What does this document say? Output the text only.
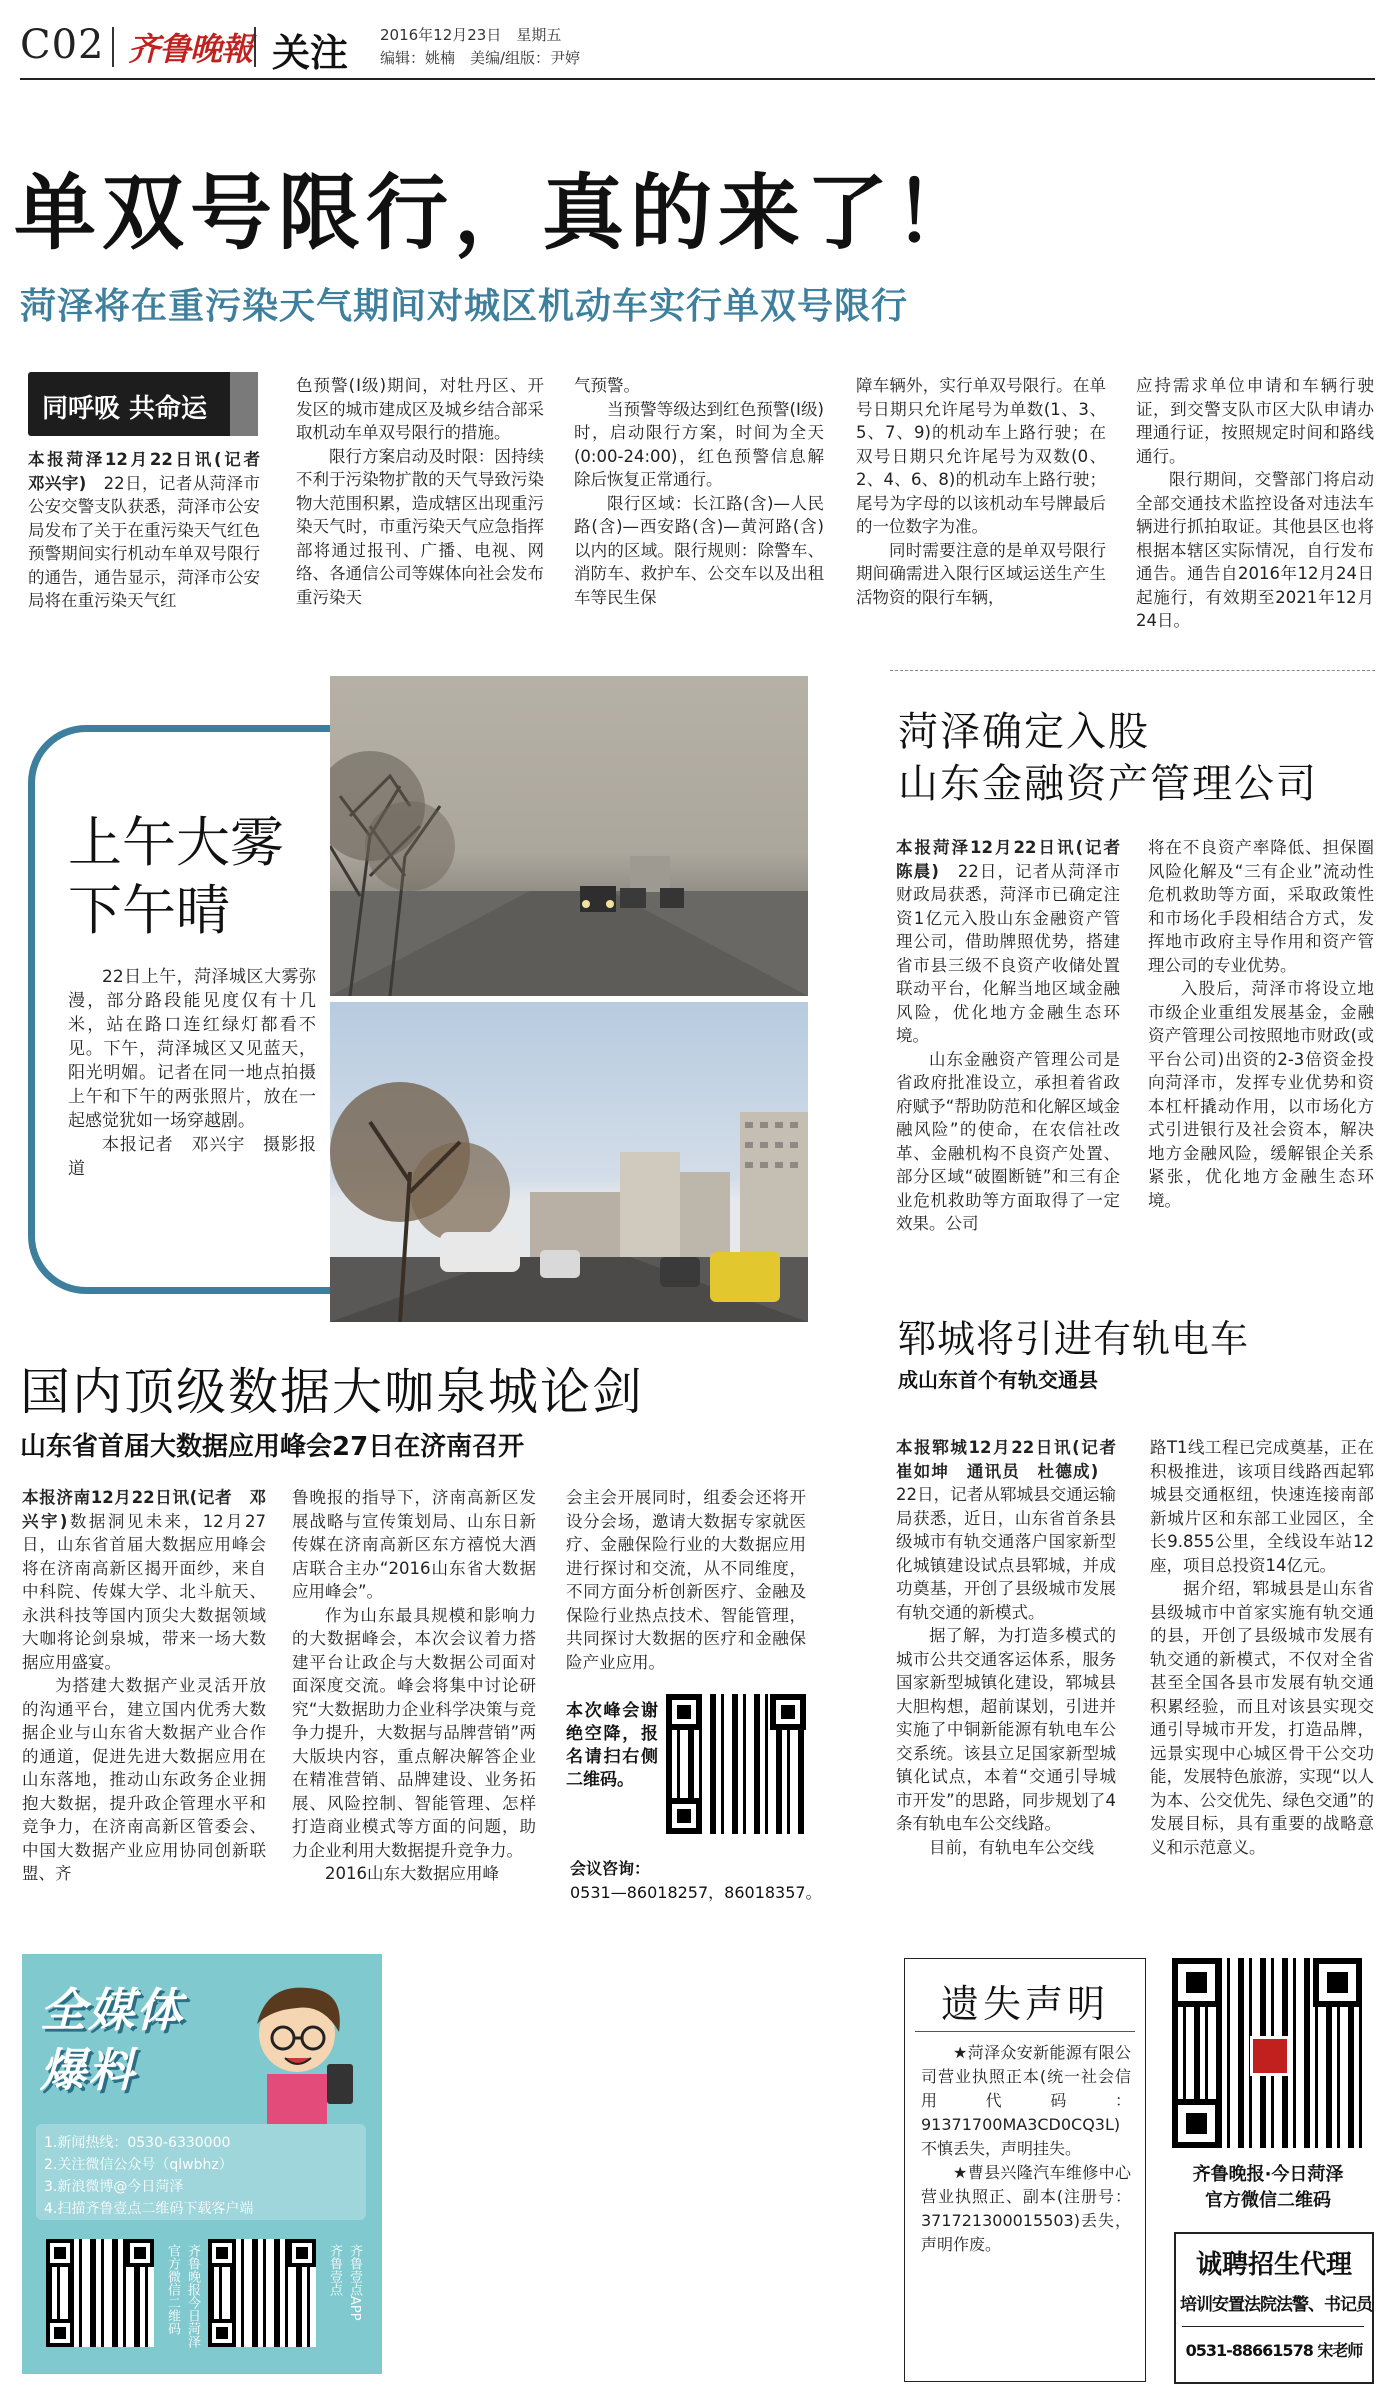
C02 齐鲁晚報 关注 2016年12月23日　星期五
编辑：姚楠　美编/组版：尹婷
单双号限行，真的来了！
菏泽将在重污染天气期间对城区机动车实行单双号限行
同呼吸 共命运

本报菏泽12月22日讯(记者　邓兴宇)　22日，记者从菏泽市公安交警支队获悉，菏泽市公安局发布了关于在重污染天气红色预警期间实行机动车单双号限行的通告，通告显示，菏泽市公安局将在重污染天气红

色预警(Ⅰ级)期间，对牡丹区、开发区的城市建成区及城乡结合部采取机动车单双号限行的措施。

限行方案启动及时限：因持续不利于污染物扩散的天气导致污染物大范围积累，造成辖区出现重污染天气时，市重污染天气应急指挥部将通过报刊、广播、电视、网络、各通信公司等媒体向社会发布重污染天

气预警。

当预警等级达到红色预警(Ⅰ级)时，启动限行方案，时间为全天(0:00-24:00)，红色预警信息解除后恢复正常通行。

限行区域：长江路(含)—人民路(含)—西安路(含)—黄河路(含)以内的区域。限行规则：除警车、消防车、救护车、公交车以及出租车等民生保

障车辆外，实行单双号限行。在单号日期只允许尾号为单数(1、3、5、7、9)的机动车上路行驶；在双号日期只允许尾号为双数(0、2、4、6、8)的机动车上路行驶；尾号为字母的以该机动车号牌最后的一位数字为准。

同时需要注意的是单双号限行期间确需进入限行区域运送生产生活物资的限行车辆，

应持需求单位申请和车辆行驶证，到交警支队市区大队申请办理通行证，按照规定时间和路线通行。

限行期间，交警部门将启动全部交通技术监控设备对违法车辆进行抓拍取证。其他县区也将根据本辖区实际情况，自行发布通告。通告自2016年12月24日起施行，有效期至2021年12月24日。

上午大雾
下午晴

22日上午，菏泽城区大雾弥漫，部分路段能见度仅有十几米，站在路口连红绿灯都看不见。下午，菏泽城区又见蓝天，阳光明媚。记者在同一地点拍摄上午和下午的两张照片，放在一起感觉犹如一场穿越剧。

本报记者　邓兴宇　摄影报道

菏泽确定入股
山东金融资产管理公司

本报菏泽12月22日讯(记者　陈晨)　22日，记者从菏泽市财政局获悉，菏泽市已确定注资1亿元入股山东金融资产管理公司，借助牌照优势，搭建省市县三级不良资产收储处置联动平台，化解当地区域金融风险，优化地方金融生态环境。

山东金融资产管理公司是省政府批准设立，承担着省政府赋予“帮助防范和化解区域金融风险”的使命，在农信社改革、金融机构不良资产处置、部分区域“破圈断链”和三有企业危机救助等方面取得了一定效果。公司

将在不良资产率降低、担保圈风险化解及“三有企业”流动性危机救助等方面，采取政策性和市场化手段相结合方式，发挥地市政府主导作用和资产管理公司的专业优势。

入股后，菏泽市将设立地市级企业重组发展基金，金融资产管理公司按照地市财政(或平台公司)出资的2-3倍资金投向菏泽市，发挥专业优势和资本杠杆撬动作用，以市场化方式引进银行及社会资本，解决地方金融风险，缓解银企关系紧张，优化地方金融生态环境。

郓城将引进有轨电车
成山东首个有轨交通县

本报郓城12月22日讯(记者　崔如坤　通讯员　杜德成)　22日，记者从郓城县交通运输局获悉，近日，山东省首条县级城市有轨交通落户国家新型化城镇建设试点县郓城，并成功奠基，开创了县级城市发展有轨交通的新模式。

据了解，为打造多模式的城市公共交通客运体系，服务国家新型城镇化建设，郓城县大胆构想，超前谋划，引进并实施了中铜新能源有轨电车公交系统。该县立足国家新型城镇化试点，本着“交通引导城市开发”的思路，同步规划了4条有轨电车公交线路。

目前，有轨电车公交线

路T1线工程已完成奠基，正在积极推进，该项目线路西起郓城县交通枢纽，快速连接南部新城片区和东部工业园区，全长9.855公里，全线设车站12座，项目总投资14亿元。

据介绍，郓城县是山东省县级城市中首家实施有轨交通的县，开创了县级城市发展有轨交通的新模式，不仅对全省甚至全国各县市发展有轨交通积累经验，而且对该县实现交通引导城市开发，打造品牌，远景实现中心城区骨干公交功能，发展特色旅游，实现“以人为本、公交优先、绿色交通”的发展目标，具有重要的战略意义和示范意义。

国内顶级数据大咖泉城论剑
山东省首届大数据应用峰会27日在济南召开

本报济南12月22日讯(记者　邓兴宇)数据洞见未来，12月27日，山东省首届大数据应用峰会将在济南高新区揭开面纱，来自中科院、传媒大学、北斗航天、永洪科技等国内顶尖大数据领域大咖将论剑泉城，带来一场大数据应用盛宴。

为搭建大数据产业灵活开放的沟通平台，建立国内优秀大数据企业与山东省大数据产业合作的通道，促进先进大数据应用在山东落地，推动山东政务企业拥抱大数据，提升政企管理水平和竞争力，在济南高新区管委会、中国大数据产业应用协同创新联盟、齐

鲁晚报的指导下，济南高新区发展战略与宣传策划局、山东日新传媒在济南高新区东方禧悦大酒店联合主办“2016山东省大数据应用峰会”。

作为山东最具规模和影响力的大数据峰会，本次会议着力搭建平台让政企与大数据公司面对面深度交流。峰会将集中讨论研究“大数据助力企业科学决策与竞争力提升，大数据与品牌营销”两大版块内容，重点解决解答企业在精准营销、品牌建设、业务拓展、风险控制、智能管理、怎样打造商业模式等方面的问题，助力企业利用大数据提升竞争力。

2016山东大数据应用峰

会主会开展同时，组委会还将开设分会场，邀请大数据专家就医疗、金融保险行业的大数据应用进行探讨和交流，从不同维度，不同方面分析创新医疗、金融及保险行业热点技术、智能管理，共同探讨大数据的医疗和金融保险产业应用。

本次峰会谢绝空降，报名请扫右侧二维码。
会议咨询：
0531—86018257，86018357。
全媒体
爆料
1.新闻热线：0530-6330000
2.关注微信公众号（qlwbhz）
3.新浪微博@今日菏泽
4.扫描齐鲁壹点二维码下载客户端
官方微信二维码 齐鲁晚报今日菏泽	齐鲁壹点 齐鲁壹点APP
遗失声明

★菏泽众安新能源有限公司营业执照正本(统一社会信用代码：91371700MA3CD0CQ3L)不慎丢失，声明挂失。

★曹县兴隆汽车维修中心营业执照正、副本(注册号：371721300015503)丢失，声明作废。

齐鲁晚报·今日菏泽
官方微信二维码
诚聘招生代理
培训安置法院法警、书记员
0531-88661578 宋老师
